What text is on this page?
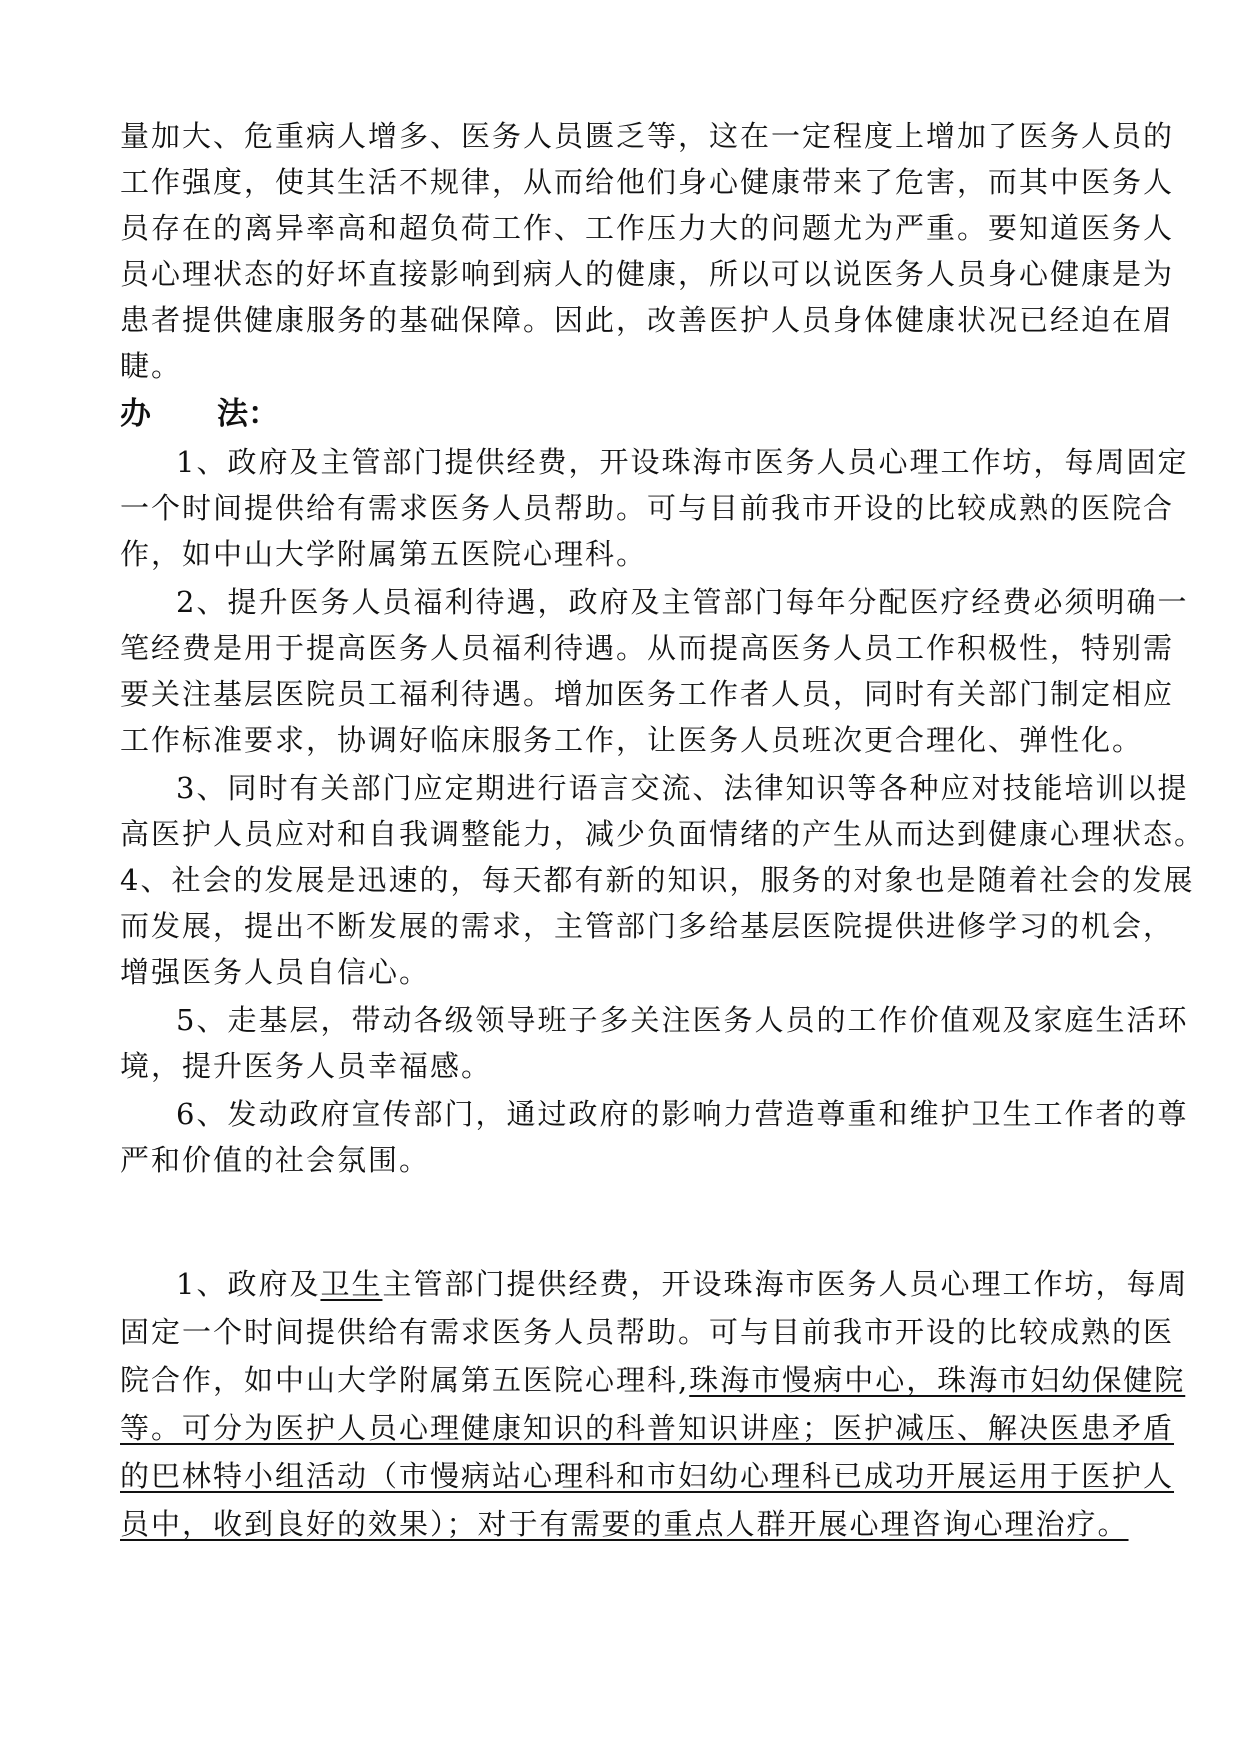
量加大、危重病人增多、医务人员匮乏等，这在一定程度上增加了医务人员的
工作强度，使其生活不规律，从而给他们身心健康带来了危害，而其中医务人
员存在的离异率高和超负荷工作、工作压力大的问题尤为严重。要知道医务人
员心理状态的好坏直接影响到病人的健康，所以可以说医务人员身心健康是为
患者提供健康服务的基础保障。因此，改善医护人员身体健康状况已经迫在眉
睫。
办 法：
1、政府及主管部门提供经费，开设珠海市医务人员心理工作坊，每周固定
一个时间提供给有需求医务人员帮助。可与目前我市开设的比较成熟的医院合
作，如中山大学附属第五医院心理科。
2、提升医务人员福利待遇，政府及主管部门每年分配医疗经费必须明确一
笔经费是用于提高医务人员福利待遇。从而提高医务人员工作积极性，特别需
要关注基层医院员工福利待遇。增加医务工作者人员，同时有关部门制定相应
工作标准要求，协调好临床服务工作，让医务人员班次更合理化、弹性化。
3、同时有关部门应定期进行语言交流、法律知识等各种应对技能培训以提
高医护人员应对和自我调整能力，减少负面情绪的产生从而达到健康心理状态。
4、社会的发展是迅速的，每天都有新的知识，服务的对象也是随着社会的发展
而发展，提出不断发展的需求，主管部门多给基层医院提供进修学习的机会，
增强医务人员自信心。
5、走基层，带动各级领导班子多关注医务人员的工作价值观及家庭生活环
境，提升医务人员幸福感。
6、发动政府宣传部门，通过政府的影响力营造尊重和维护卫生工作者的尊
严和价值的社会氛围。
1、政府及卫生主管部门提供经费，开设珠海市医务人员心理工作坊，每周
固定一个时间提供给有需求医务人员帮助。可与目前我市开设的比较成熟的医
院合作，如中山大学附属第五医院心理科,珠海市慢病中心，珠海市妇幼保健院
等。可分为医护人员心理健康知识的科普知识讲座；医护减压、解决医患矛盾
的巴林特小组活动（市慢病站心理科和市妇幼心理科已成功开展运用于医护人
员中，收到良好的效果）；对于有需要的重点人群开展心理咨询心理治疗。
